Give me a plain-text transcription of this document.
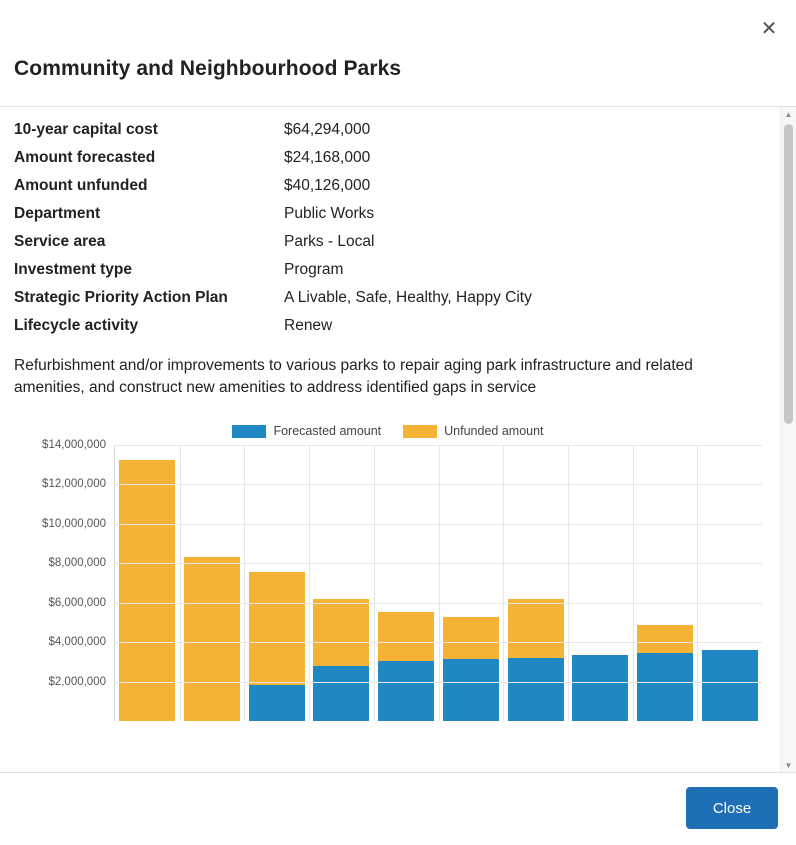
✕
Community and Neighbourhood Parks
10-year capital cost	$64,294,000
Amount forecasted	$24,168,000
Amount unfunded	$40,126,000
Department	Public Works
Service area	Parks - Local
Investment type	Program
Strategic Priority Action Plan	A Livable, Safe, Healthy, Happy City
Lifecycle activity	Renew
Refurbishment and/or improvements to various parks to repair aging park infrastructure and related amenities, and construct new amenities to address identified gaps in service
Forecasted amount	Unfunded amount
$2,000,000
$4,000,000
$6,000,000
$8,000,000
$10,000,000
$12,000,000
$14,000,000
▲
▼
Close
